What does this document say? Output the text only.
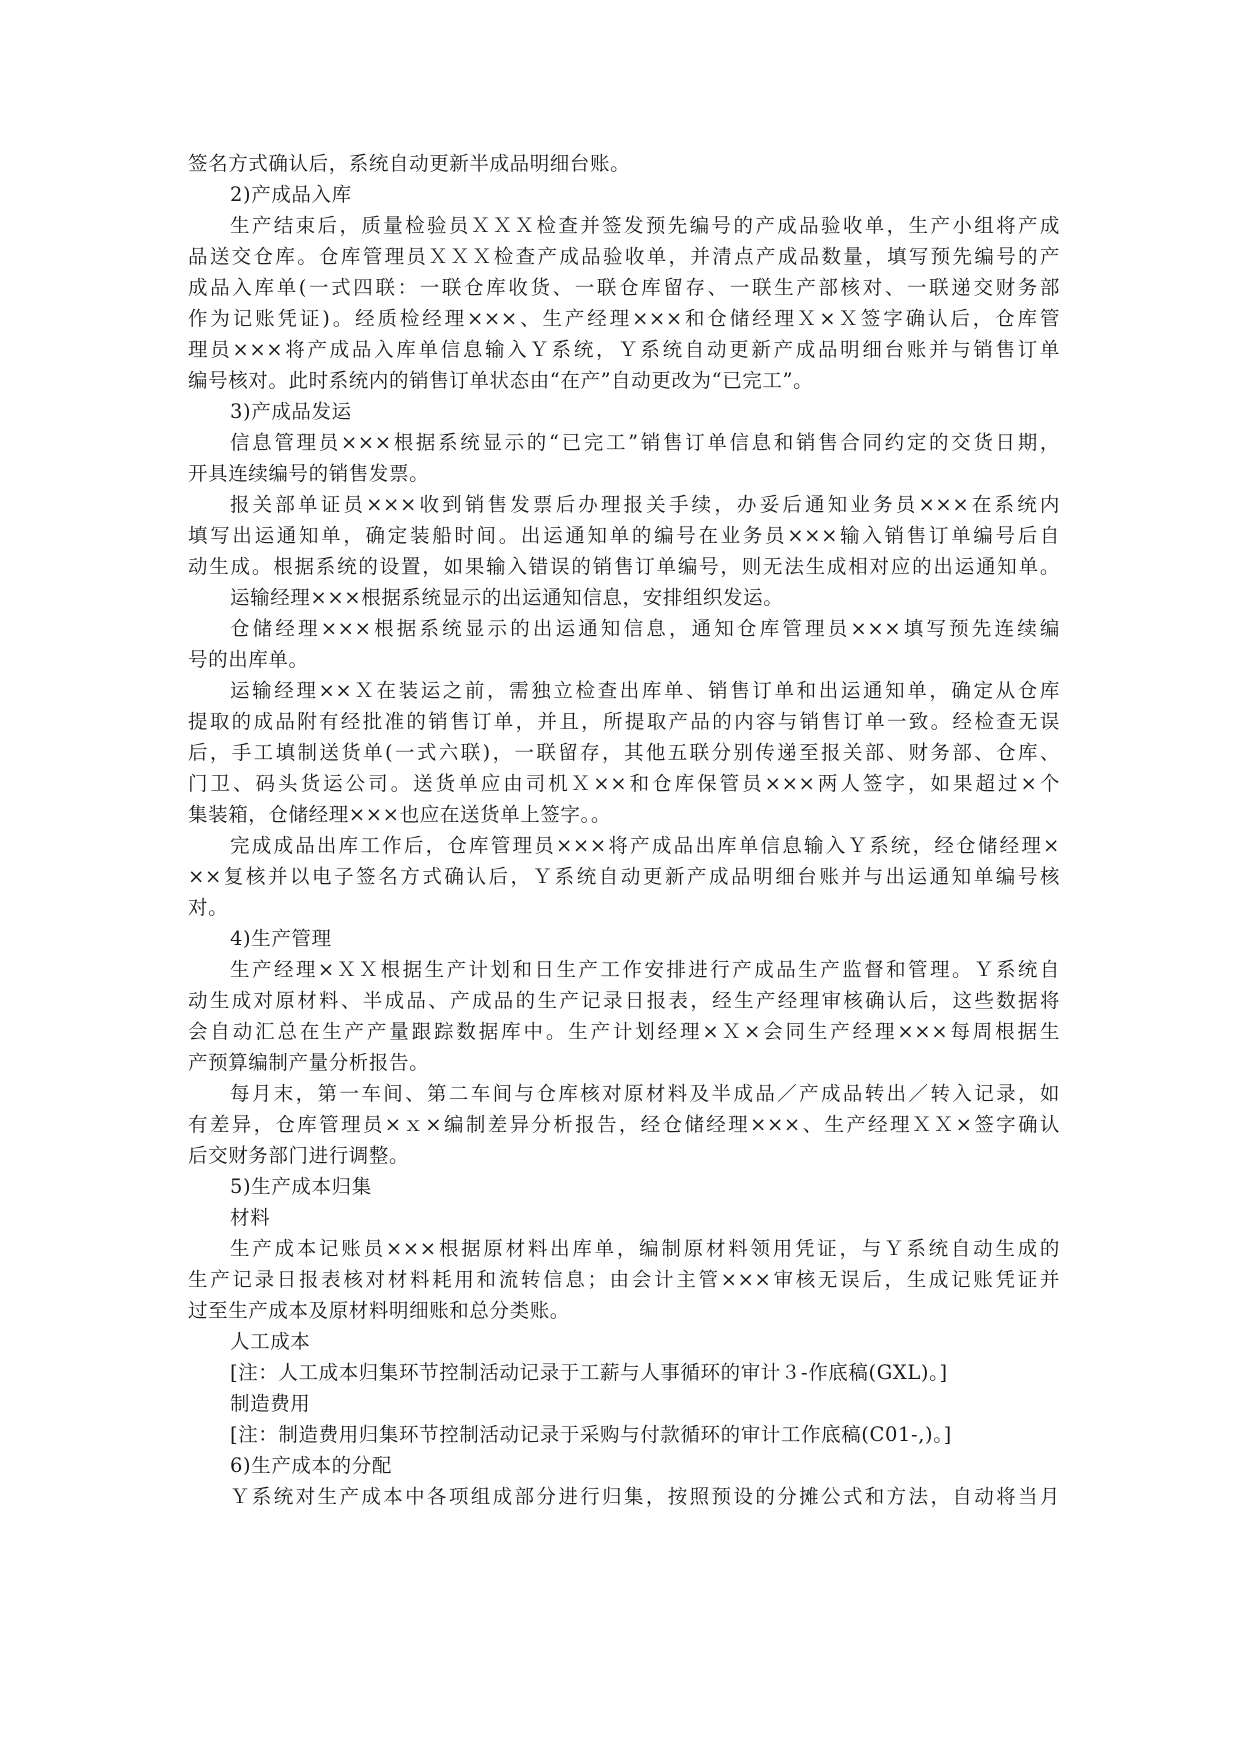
签名方式确认后，系统自动更新半成品明细台账。

2)产成品入库

生产结束后，质量检验员ＸＸＸ检查并签发预先编号的产成品验收单，生产小组将产成

品送交仓库。仓库管理员ＸＸＸ检查产成品验收单，并清点产成品数量，填写预先编号的产

成品入库单(一式四联：一联仓库收货、一联仓库留存、一联生产部核对、一联递交财务部

作为记账凭证)。经质检经理×××、生产经理×××和仓储经理Ｘ×Ｘ签字确认后，仓库管

理员×××将产成品入库单信息输入Ｙ系统，Ｙ系统自动更新产成品明细台账并与销售订单

编号核对。此时系统内的销售订单状态由“在产”自动更改为“已完工”。

3)产成品发运

信息管理员×××根据系统显示的“已完工”销售订单信息和销售合同约定的交货日期，

开具连续编号的销售发票。

报关部单证员×××收到销售发票后办理报关手续，办妥后通知业务员×××在系统内

填写出运通知单，确定装船时间。出运通知单的编号在业务员×××输入销售订单编号后自

动生成。根据系统的设置，如果输入错误的销售订单编号，则无法生成相对应的出运通知单。

运输经理×××根据系统显示的出运通知信息，安排组织发运。

仓储经理×××根据系统显示的出运通知信息，通知仓库管理员×××填写预先连续编

号的出库单。

运输经理××Ｘ在装运之前，需独立检查出库单、销售订单和出运通知单，确定从仓库

提取的成品附有经批准的销售订单，并且，所提取产品的内容与销售订单一致。经检查无误

后，手工填制送货单(一式六联)，一联留存，其他五联分别传递至报关部、财务部、仓库、

门卫、码头货运公司。送货单应由司机Ｘ××和仓库保管员×××两人签字，如果超过×个

集装箱，仓储经理×××也应在送货单上签字。。

完成成品出库工作后，仓库管理员×××将产成品出库单信息输入Ｙ系统，经仓储经理×

××复核并以电子签名方式确认后，Ｙ系统自动更新产成品明细台账并与出运通知单编号核

对。

4)生产管理

生产经理×ＸＸ根据生产计划和日生产工作安排进行产成品生产监督和管理。Ｙ系统自

动生成对原材料、半成品、产成品的生产记录日报表，经生产经理审核确认后，这些数据将

会自动汇总在生产产量跟踪数据库中。生产计划经理×Ｘ×会同生产经理×××每周根据生

产预算编制产量分析报告。

每月末，第一车间、第二车间与仓库核对原材料及半成品／产成品转出／转入记录，如

有差异，仓库管理员×ｘ×编制差异分析报告，经仓储经理×××、生产经理ＸＸ×签字确认

后交财务部门进行调整。

5)生产成本归集

材料

生产成本记账员×××根据原材料出库单，编制原材料领用凭证，与Ｙ系统自动生成的

生产记录日报表核对材料耗用和流转信息；由会计主管×××审核无误后，生成记账凭证并

过至生产成本及原材料明细账和总分类账。

人工成本

[注：人工成本归集环节控制活动记录于工薪与人事循环的审计３-作底稿(GXL)。]

制造费用

[注：制造费用归集环节控制活动记录于采购与付款循环的审计工作底稿(C01-,)。]

6)生产成本的分配

Ｙ系统对生产成本中各项组成部分进行归集，按照预设的分摊公式和方法，自动将当月
